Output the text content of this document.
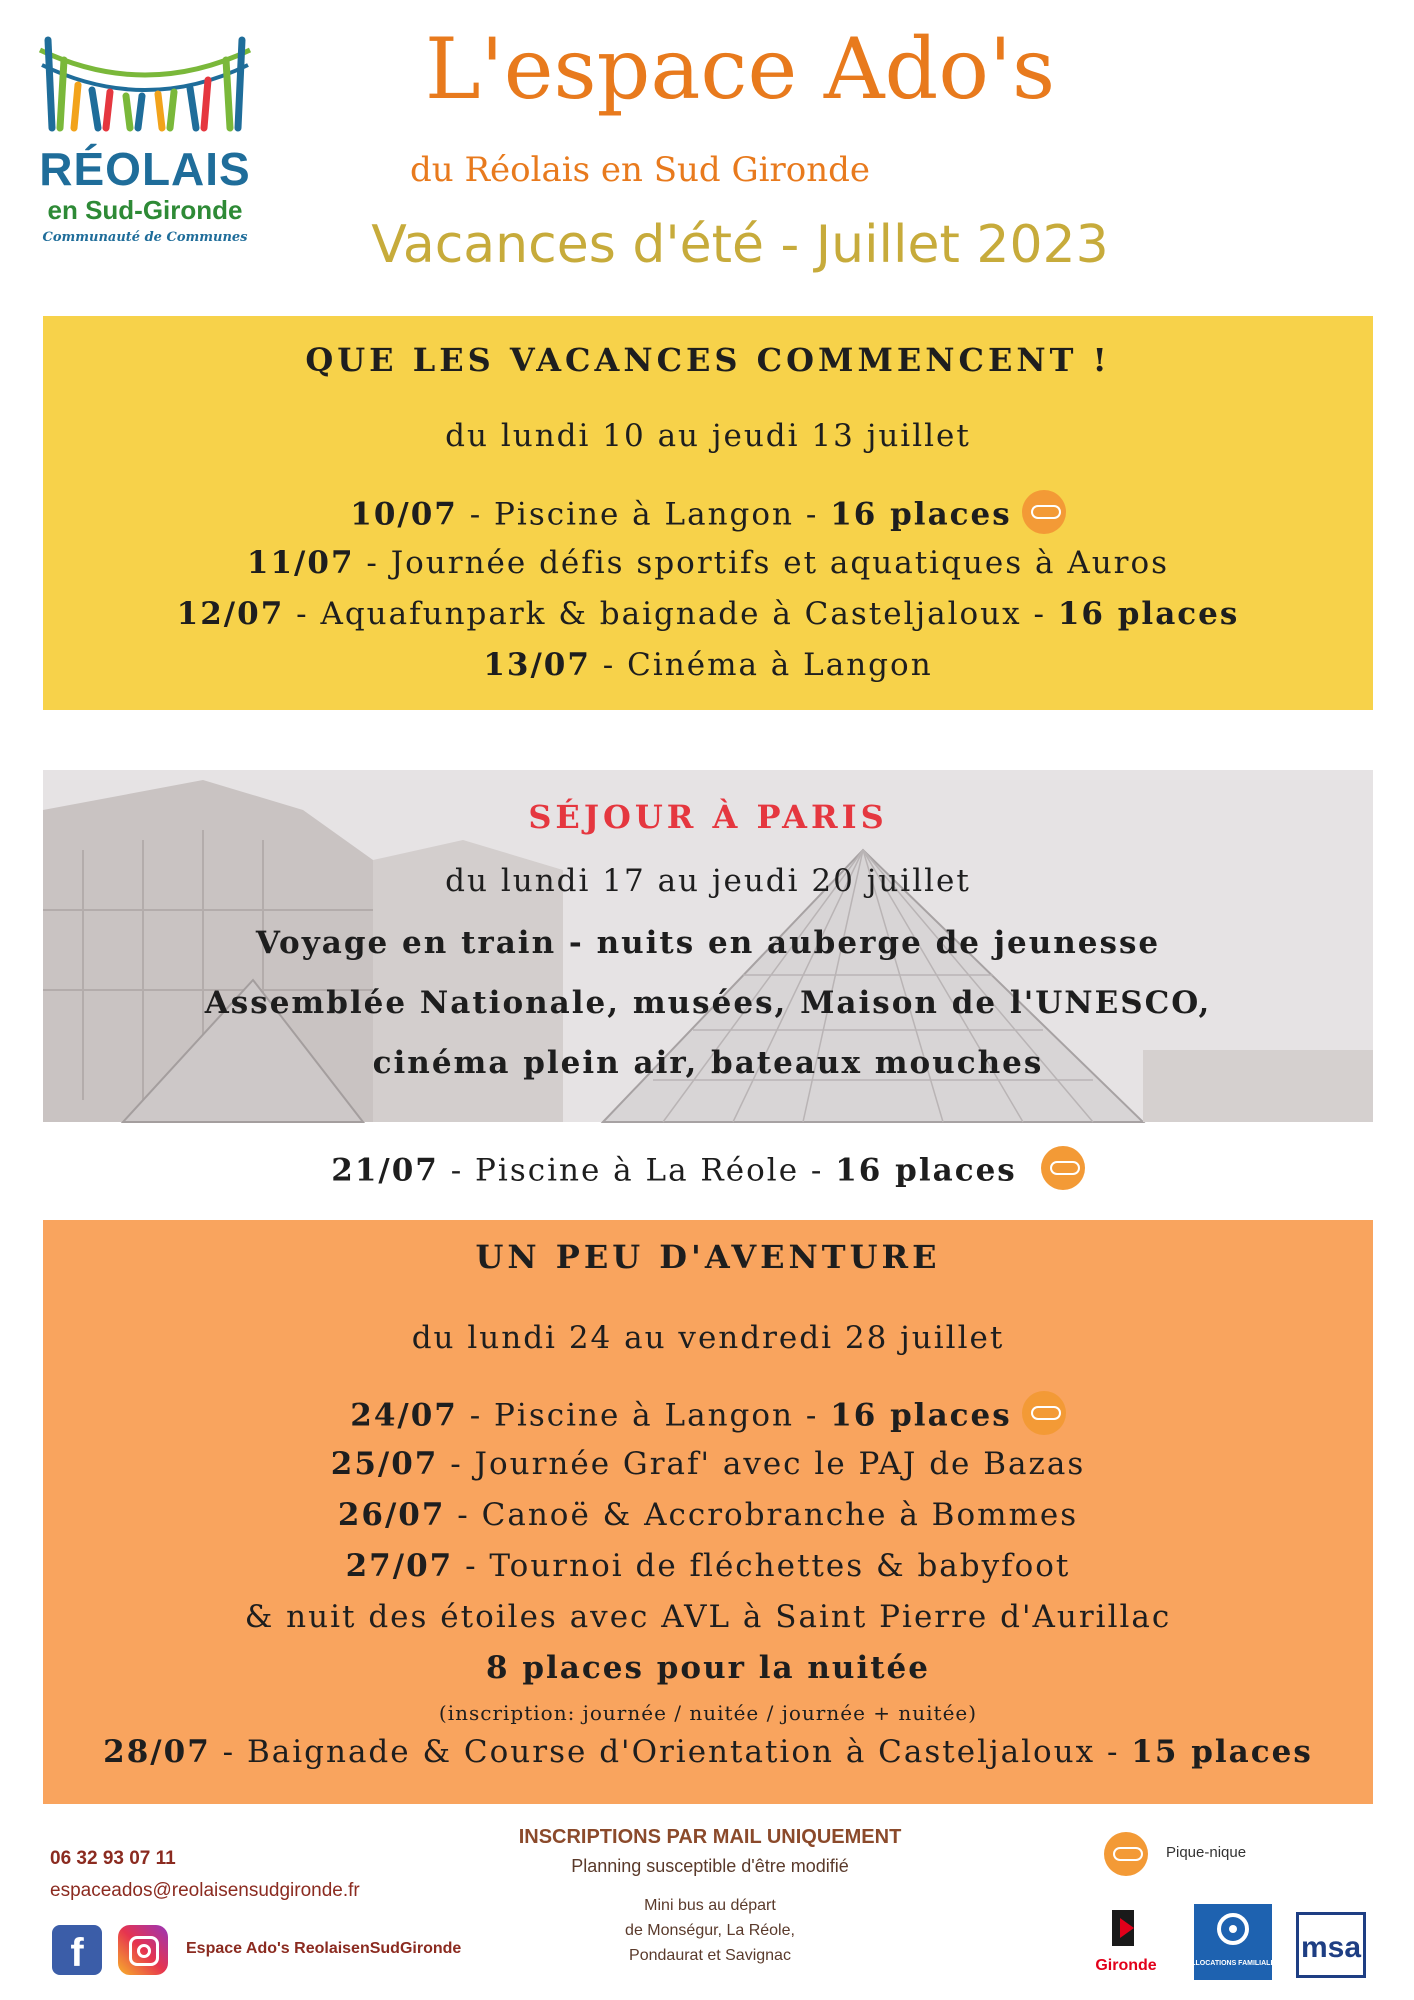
RÉOLAIS
en Sud-Gironde
Communauté de Communes
L'espace Ado's
du Réolais en Sud Gironde
Vacances d'été - Juillet 2023
QUE LES VACANCES COMMENCENT !
du lundi 10 au jeudi 13 juillet
10/07 - Piscine à Langon - 16 places
11/07 - Journée défis sportifs et aquatiques à Auros
12/07 - Aquafunpark & baignade à Casteljaloux - 16 places
13/07 - Cinéma à Langon
SÉJOUR À PARIS
du lundi 17 au jeudi 20 juillet
Voyage en train - nuits en auberge de jeunesse
Assemblée Nationale, musées, Maison de l'UNESCO,
cinéma plein air, bateaux mouches
21/07 - Piscine à La Réole - 16 places
UN PEU D'AVENTURE
du lundi 24 au vendredi 28 juillet
24/07 - Piscine à Langon - 16 places
25/07 - Journée Graf' avec le PAJ de Bazas
26/07 - Canoë & Accrobranche à Bommes
27/07 - Tournoi de fléchettes & babyfoot
& nuit des étoiles avec AVL à Saint Pierre d'Aurillac
8 places pour la nuitée
(inscription: journée / nuitée / journée + nuitée)
28/07 - Baignade & Course d'Orientation à Casteljaloux - 15 places
06 32 93 07 11
espaceados@reolaisensudgironde.fr
f	Espace Ado's ReolaisenSudGironde
INSCRIPTIONS PAR MAIL UNIQUEMENT
Planning susceptible d'être modifié
Mini bus au départ
de Monségur, La Réole,
Pondaurat et Savignac
Pique-nique
Gironde	ALLOCATIONS FAMILIALES msa
